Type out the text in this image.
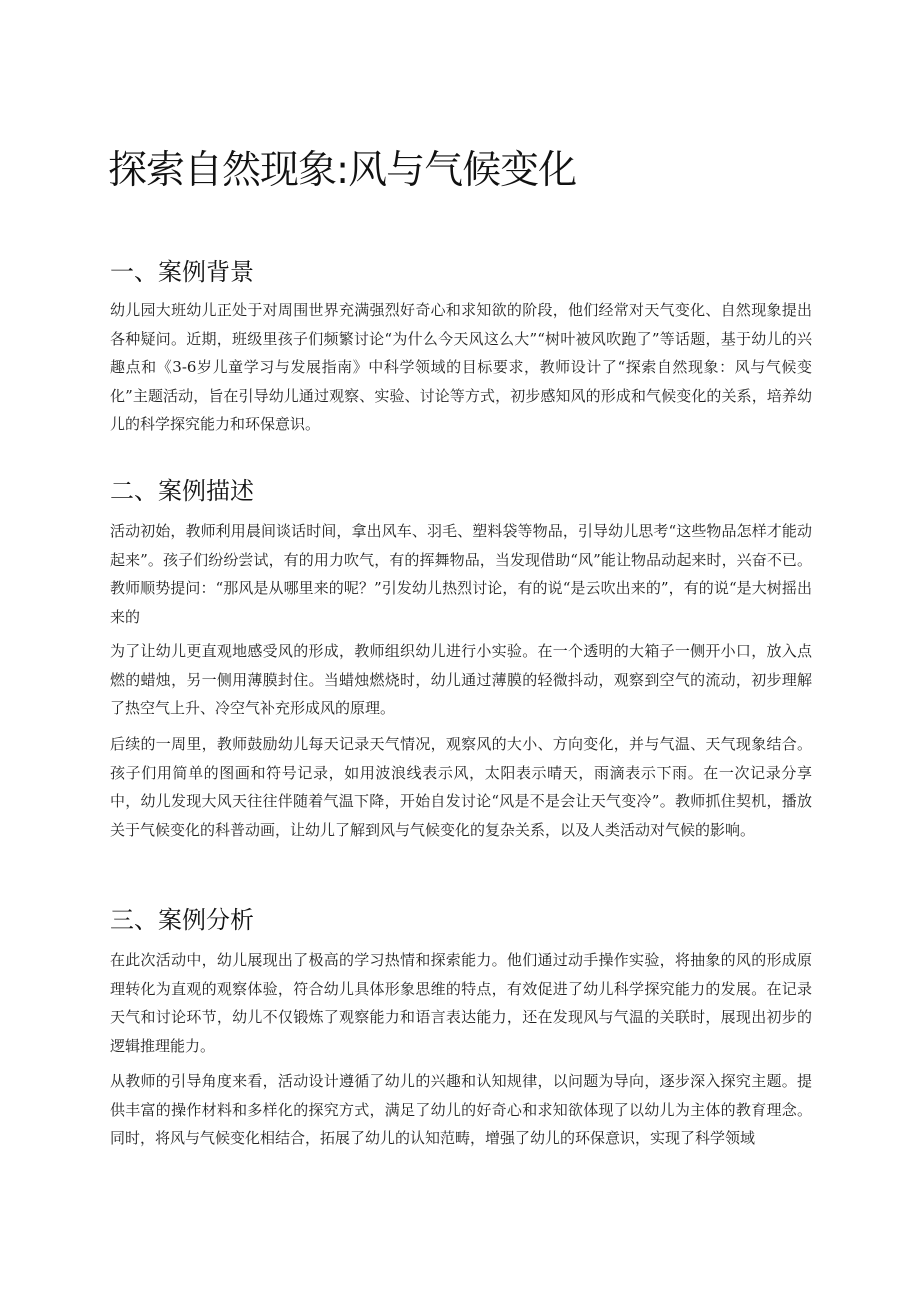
探索自然现象:风与气候变化
一、案例背景

幼儿园大班幼儿正处于对周围世界充满强烈好奇心和求知欲的阶段，他们经常对天气变化、自然现象提出各种疑问。近期，班级里孩子们频繁讨论“为什么今天风这么大”“树叶被风吹跑了”等话题，基于幼儿的兴趣点和《3-6岁儿童学习与发展指南》中科学领域的目标要求，教师设计了“探索自然现象：风与气候变化”主题活动，旨在引导幼儿通过观察、实验、讨论等方式，初步感知风的形成和气候变化的关系，培养幼儿的科学探究能力和环保意识。

二、案例描述

活动初始，教师利用晨间谈话时间，拿出风车、羽毛、塑料袋等物品，引导幼儿思考“这些物品怎样才能动起来”。孩子们纷纷尝试，有的用力吹气，有的挥舞物品，当发现借助“风”能让物品动起来时，兴奋不已。教师顺势提问：“那风是从哪里来的呢？”引发幼儿热烈讨论，有的说“是云吹出来的”，有的说“是大树摇出来的

为了让幼儿更直观地感受风的形成，教师组织幼儿进行小实验。在一个透明的大箱子一侧开小口，放入点燃的蜡烛，另一侧用薄膜封住。当蜡烛燃烧时，幼儿通过薄膜的轻微抖动，观察到空气的流动，初步理解了热空气上升、冷空气补充形成风的原理。

后续的一周里，教师鼓励幼儿每天记录天气情况，观察风的大小、方向变化，并与气温、天气现象结合。孩子们用简单的图画和符号记录，如用波浪线表示风，太阳表示晴天，雨滴表示下雨。在一次记录分享中，幼儿发现大风天往往伴随着气温下降，开始自发讨论“风是不是会让天气变冷”。教师抓住契机，播放关于气候变化的科普动画，让幼儿了解到风与气候变化的复杂关系，以及人类活动对气候的影响。

三、案例分析

在此次活动中，幼儿展现出了极高的学习热情和探索能力。他们通过动手操作实验，将抽象的风的形成原理转化为直观的观察体验，符合幼儿具体形象思维的特点，有效促进了幼儿科学探究能力的发展。在记录天气和讨论环节，幼儿不仅锻炼了观察能力和语言表达能力，还在发现风与气温的关联时，展现出初步的逻辑推理能力。

从教师的引导角度来看，活动设计遵循了幼儿的兴趣和认知规律，以问题为导向，逐步深入探究主题。提供丰富的操作材料和多样化的探究方式，满足了幼儿的好奇心和求知欲体现了以幼儿为主体的教育理念。同时，将风与气候变化相结合，拓展了幼儿的认知范畴，增强了幼儿的环保意识，实现了科学领域
